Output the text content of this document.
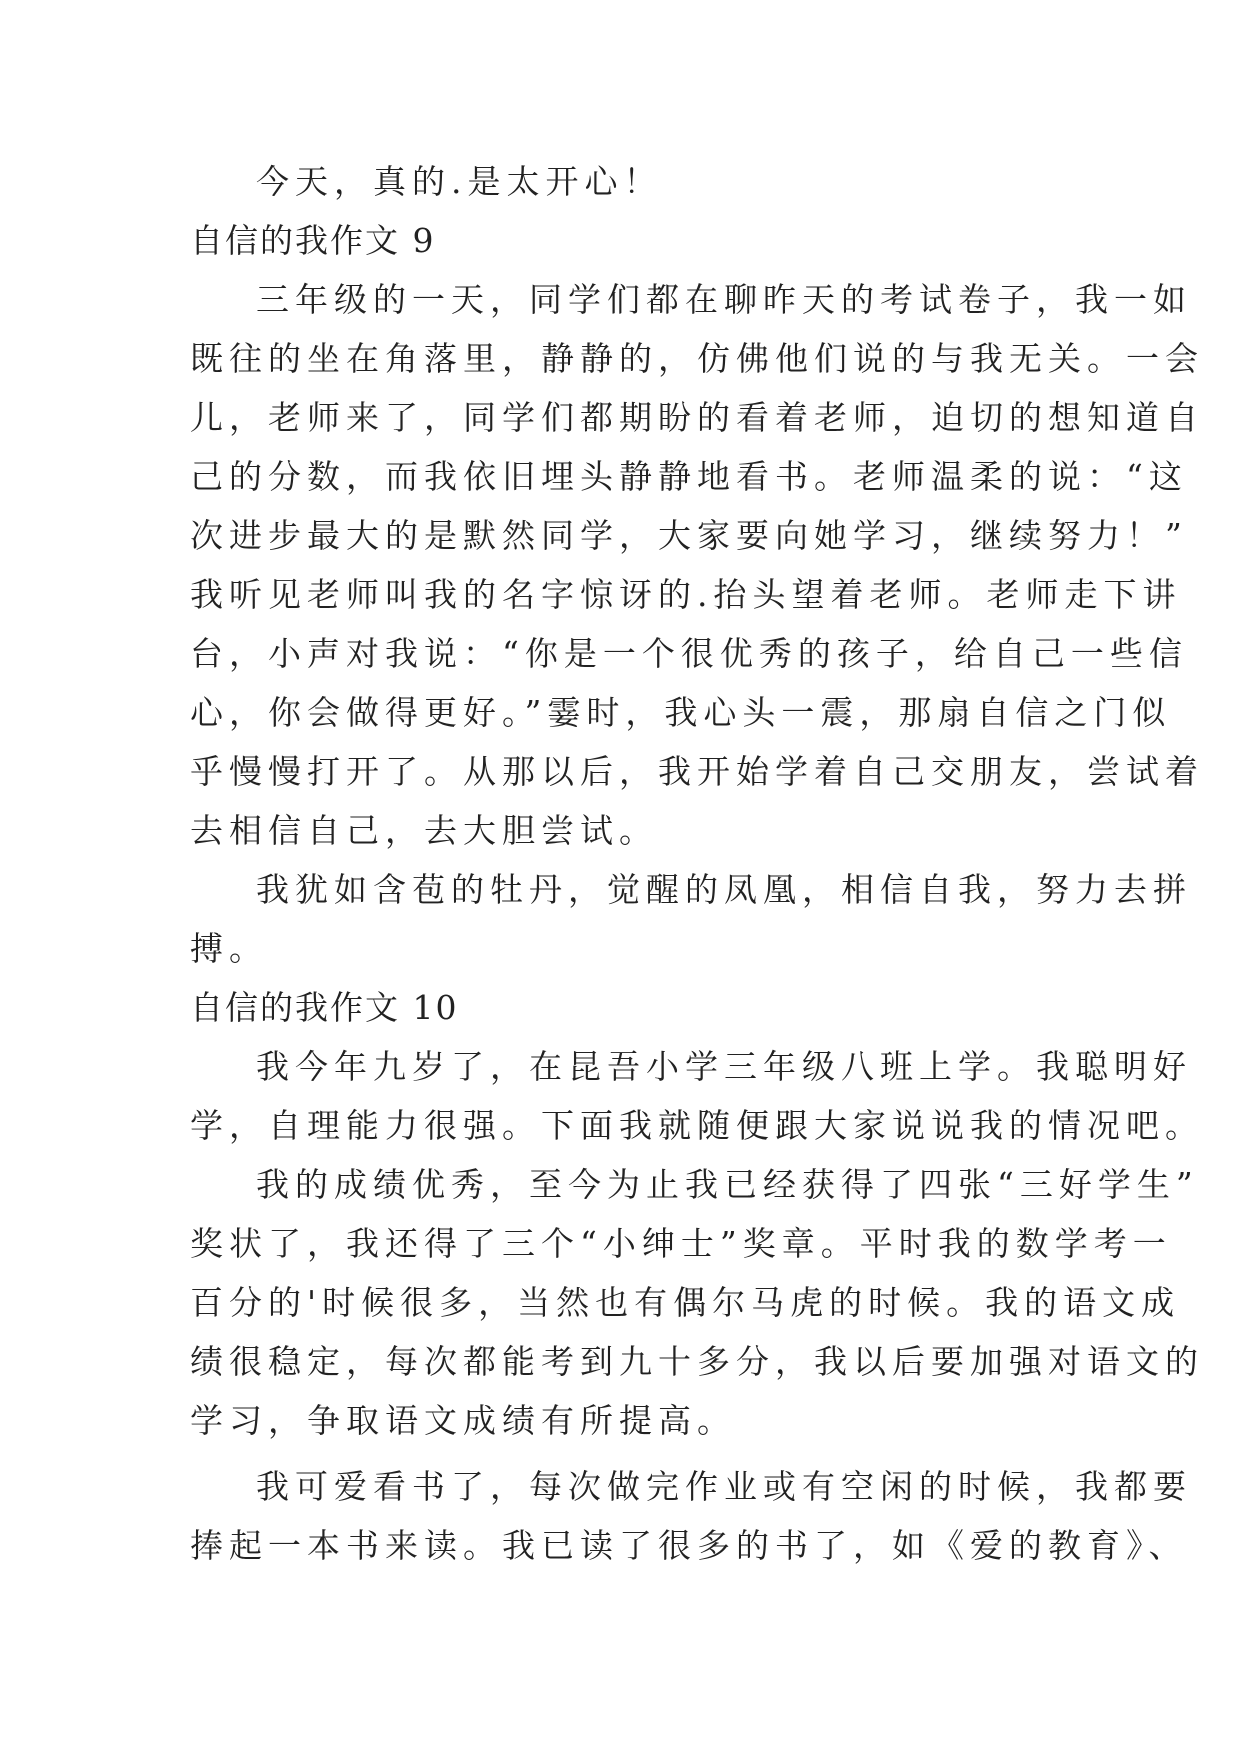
今天，真的.是太开心！
自信的我作文 9
三年级的一天，同学们都在聊昨天的考试卷子，我一如
既往的坐在角落里，静静的，仿佛他们说的与我无关。一会
儿，老师来了，同学们都期盼的看着老师，迫切的想知道自
己的分数，而我依旧埋头静静地看书。老师温柔的说：“这
次进步最大的是默然同学，大家要向她学习，继续努力！”
我听见老师叫我的名字惊讶的.抬头望着老师。老师走下讲
台，小声对我说：“你是一个很优秀的孩子，给自己一些信
心，你会做得更好。”霎时，我心头一震，那扇自信之门似
乎慢慢打开了。从那以后，我开始学着自己交朋友，尝试着
去相信自己，去大胆尝试。
我犹如含苞的牡丹，觉醒的凤凰，相信自我，努力去拼
搏。
自信的我作文 10
我今年九岁了，在昆吾小学三年级八班上学。我聪明好
学，自理能力很强。下面我就随便跟大家说说我的情况吧。
我的成绩优秀，至今为止我已经获得了四张“三好学生”
奖状了，我还得了三个“小绅士”奖章。平时我的数学考一
百分的'时候很多，当然也有偶尔马虎的时候。我的语文成
绩很稳定，每次都能考到九十多分，我以后要加强对语文的
学习，争取语文成绩有所提高。
我可爱看书了，每次做完作业或有空闲的时候，我都要
捧起一本书来读。我已读了很多的书了，如《爱的教育》、
